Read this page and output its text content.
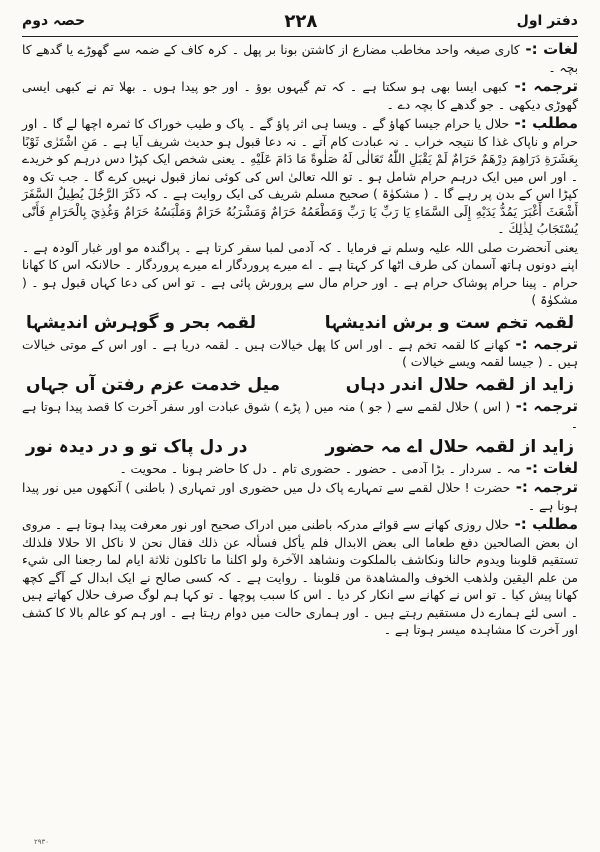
حصہ دوم	۲۲۸	دفتر اول
لغات :- کاری صیغہ واحد مخاطب مضارع از کاشتن بونا بر پھل ۔ کرہ کاف کے ضمہ سے گھوڑے یا گدھے کا بچہ ۔
ترجمہ :- کبھی ایسا بھی ہو سکتا ہے ۔ کہ تم گیہوں بوؤ ۔ اور جو پیدا ہوں ۔ بھلا تم نے کبھی ایسی گھوڑی دیکھی ۔ جو گدھے کا بچہ دے ۔
مطلب :- حلال یا حرام جیسا کھاؤ گے ۔ ویسا ہی اثر پاؤ گے ۔ پاک و طیب خوراک کا ثمرہ اچھا لے گا ۔ اور حرام و ناپاک غذا کا نتیجہ خراب ۔ نہ عبادت کام آتے ۔ نہ دعا قبول ہو حدیث شریف آیا ہے ۔ مَنِ اشْتَرٰى ثَوْبًا بِعَشَرَةِ دَرَاهِمَ دِرْهَمٌ حَرَامٌ لَمْ يَقْبَلِ اللّٰهُ تَعَالٰى لَهُ صَلٰوةً مَا دَامَ عَلَيْهِ ۔ یعنی شخص ایک کپڑا دس درہم کو خریدے ۔ اور اس میں ایک درہم حرام شامل ہو ۔ تو اللہ تعالیٰ اس کی کوئی نماز قبول نہیں کرے گا ۔ جب تک وہ کپڑا اس کے بدن پر رہے گا ۔ ( مشکوٰۃ ) صحیح مسلم شریف کی ایک روایت ہے ۔ کہ ذَكَرَ الرَّجُلَ يُطِيلُ السَّفَرَ أَشْعَثَ أَغْبَرَ يَمُدُّ يَدَيْهِ إِلَى السَّمَاءِ يَا رَبِّ يَا رَبِّ وَمَطْعَمُهُ حَرَامٌ وَمَشْرَبُهُ حَرَامٌ وَمَلْبَسُهُ حَرَامٌ وَغُذِيَ بِالْحَرَامِ فَأَنّٰى يُسْتَجَابُ لِذٰلِكَ ۔
یعنی آنحضرت صلی اللہ علیہ وسلم نے فرمایا ۔ کہ آدمی لمبا سفر کرتا ہے ۔ پراگندہ مو اور غبار آلودہ ہے ۔ اپنے دونوں ہاتھ آسمان کی طرف اٹھا کر کہتا ہے ۔ اے میرے پروردگار اے میرے پروردگار ۔ حالانکہ اس کا کھانا حرام ۔ پینا حرام پوشاک حرام ہے ۔ اور حرام مال سے پرورش پائی ہے ۔ تو اس کی دعا کہاں قبول ہو ۔ ( مشکوٰۃ )
لقمہ تخم ست و برش اندیشہا
لقمہ بحر و گوہرش اندیشہا
ترجمہ :- کھانے کا لقمہ تخم ہے ۔ اور اس کا پھل خیالات ہیں ۔ لقمہ دریا ہے ۔ اور اس کے موتی خیالات ہیں ۔ ( جیسا لقمہ ویسے خیالات )
زاید از لقمہ حلال اندر دہاں
میل خدمت عزم رفتن آں جہاں
ترجمہ :- ( اس ) حلال لقمے سے ( جو ) منہ میں ( پڑے ) شوق عبادت اور سفر آخرت کا قصد پیدا ہوتا ہے ۔
زاید از لقمہ حلال اے مہ حضور
در دل پاک تو و در دیدہ نور
لغات :- مہ ۔ سردار ۔ بڑا آدمی ۔ حضور ۔ حضوری تام ۔ دل کا حاضر ہونا ۔ محویت ۔
ترجمہ :- حضرت ! حلال لقمے سے تمہارے پاک دل میں حضوری اور تمہاری ( باطنی ) آنکھوں میں نور پیدا ہونا ہے ۔
مطلب :- حلال روزی کھانے سے قوائے مدرکہ باطنی میں ادراک صحیح اور نور معرفت پیدا ہوتا ہے ۔ مروی ان بعض الصالحين دفع طعاما الی بعض الابدال فلم يأكل فسألہ عن ذلك فقال نحن لا ناكل الا حلالا فلذلك تستقيم قلوبنا ويدوم حالنا ونكاشف بالملكوت ونشاهد الآخرة ولو اكلنا ما تاكلون ثلاثة ايام لما رجعنا الى شيء من علم اليقين ولذهب الخوف والمشاهدة من قلوبنا ۔ روایت ہے ۔ کہ کسی صالح نے ایک ابدال کے آگے کچھ کھانا پیش کیا ۔ تو اس نے کھانے سے انکار کر دیا ۔ اس کا سبب پوچھا ۔ تو کہا ہم لوگ صرف حلال کھاتے ہیں ۔ اسی لئے ہمارے دل مستقیم رہتے ہیں ۔ اور ہماری حالت میں دوام رہتا ہے ۔ اور ہم کو عالم بالا کا کشف اور آخرت کا مشاہدہ میسر ہوتا ہے ۔
۲۹۳۰
